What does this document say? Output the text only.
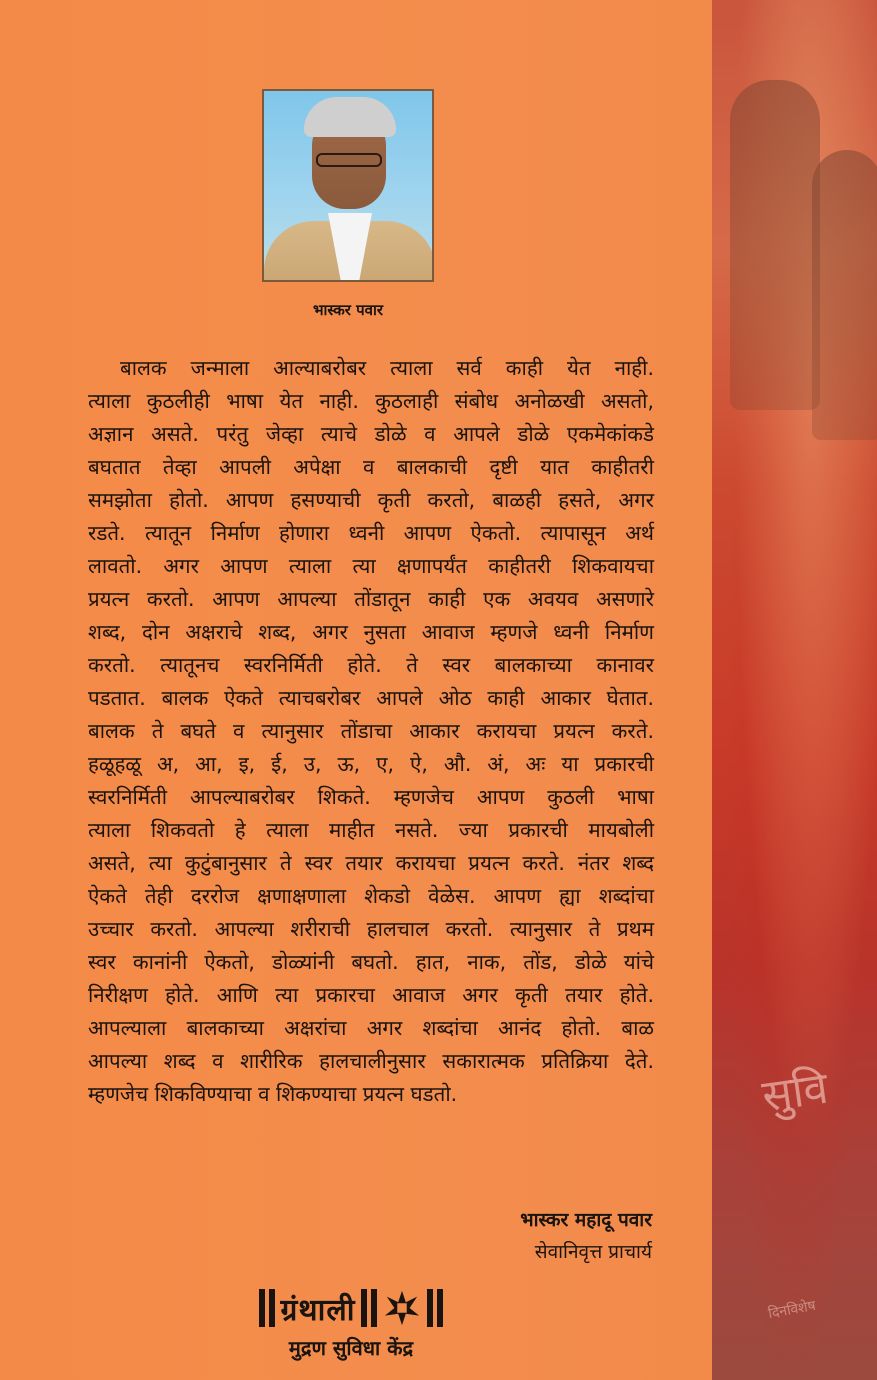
सुवि
दिनविशेष
भास्कर पवार
बालक जन्माला आल्याबरोबर त्याला सर्व काही येत नाही.
त्याला कुठलीही भाषा येत नाही. कुठलाही संबोध अनोळखी असतो,
अज्ञान असते. परंतु जेव्हा त्याचे डोळे व आपले डोळे एकमेकांकडे
बघतात तेव्हा आपली अपेक्षा व बालकाची दृष्टी यात काहीतरी
समझोता होतो. आपण हसण्याची कृती करतो, बाळही हसते, अगर
रडते. त्यातून निर्माण होणारा ध्वनी आपण ऐकतो. त्यापासून अर्थ
लावतो. अगर आपण त्याला त्या क्षणापर्यंत काहीतरी शिकवायचा
प्रयत्न करतो. आपण आपल्या तोंडातून काही एक अवयव असणारे
शब्द, दोन अक्षराचे शब्द, अगर नुसता आवाज म्हणजे ध्वनी निर्माण
करतो. त्यातूनच स्वरनिर्मिती होते. ते स्वर बालकाच्या कानावर
पडतात. बालक ऐकते त्याचबरोबर आपले ओठ काही आकार घेतात.
बालक ते बघते व त्यानुसार तोंडाचा आकार करायचा प्रयत्न करते.
हळूहळू अ, आ, इ, ई, उ, ऊ, ए, ऐ, औ. अं, अः या प्रकारची
स्वरनिर्मिती आपल्याबरोबर शिकते. म्हणजेच आपण कुठली भाषा
त्याला शिकवतो हे त्याला माहीत नसते. ज्या प्रकारची मायबोली
असते, त्या कुटुंबानुसार ते स्वर तयार करायचा प्रयत्न करते. नंतर शब्द
ऐकते तेही दररोज क्षणाक्षणाला शेकडो वेळेस. आपण ह्या शब्दांचा
उच्चार करतो. आपल्या शरीराची हालचाल करतो. त्यानुसार ते प्रथम
स्वर कानांनी ऐकतो, डोळ्यांनी बघतो. हात, नाक, तोंड, डोळे यांचे
निरीक्षण होते. आणि त्या प्रकारचा आवाज अगर कृती तयार होते.
आपल्याला बालकाच्या अक्षरांचा अगर शब्दांचा आनंद होतो. बाळ
आपल्या शब्द व शारीरिक हालचालीनुसार सकारात्मक प्रतिक्रिया देते.
म्हणजेच शिकविण्याचा व शिकण्याचा प्रयत्न घडतो.
भास्कर महादू पवार
सेवानिवृत्त प्राचार्य
ग्रंथाली
मुद्रण सुविधा केंद्र
